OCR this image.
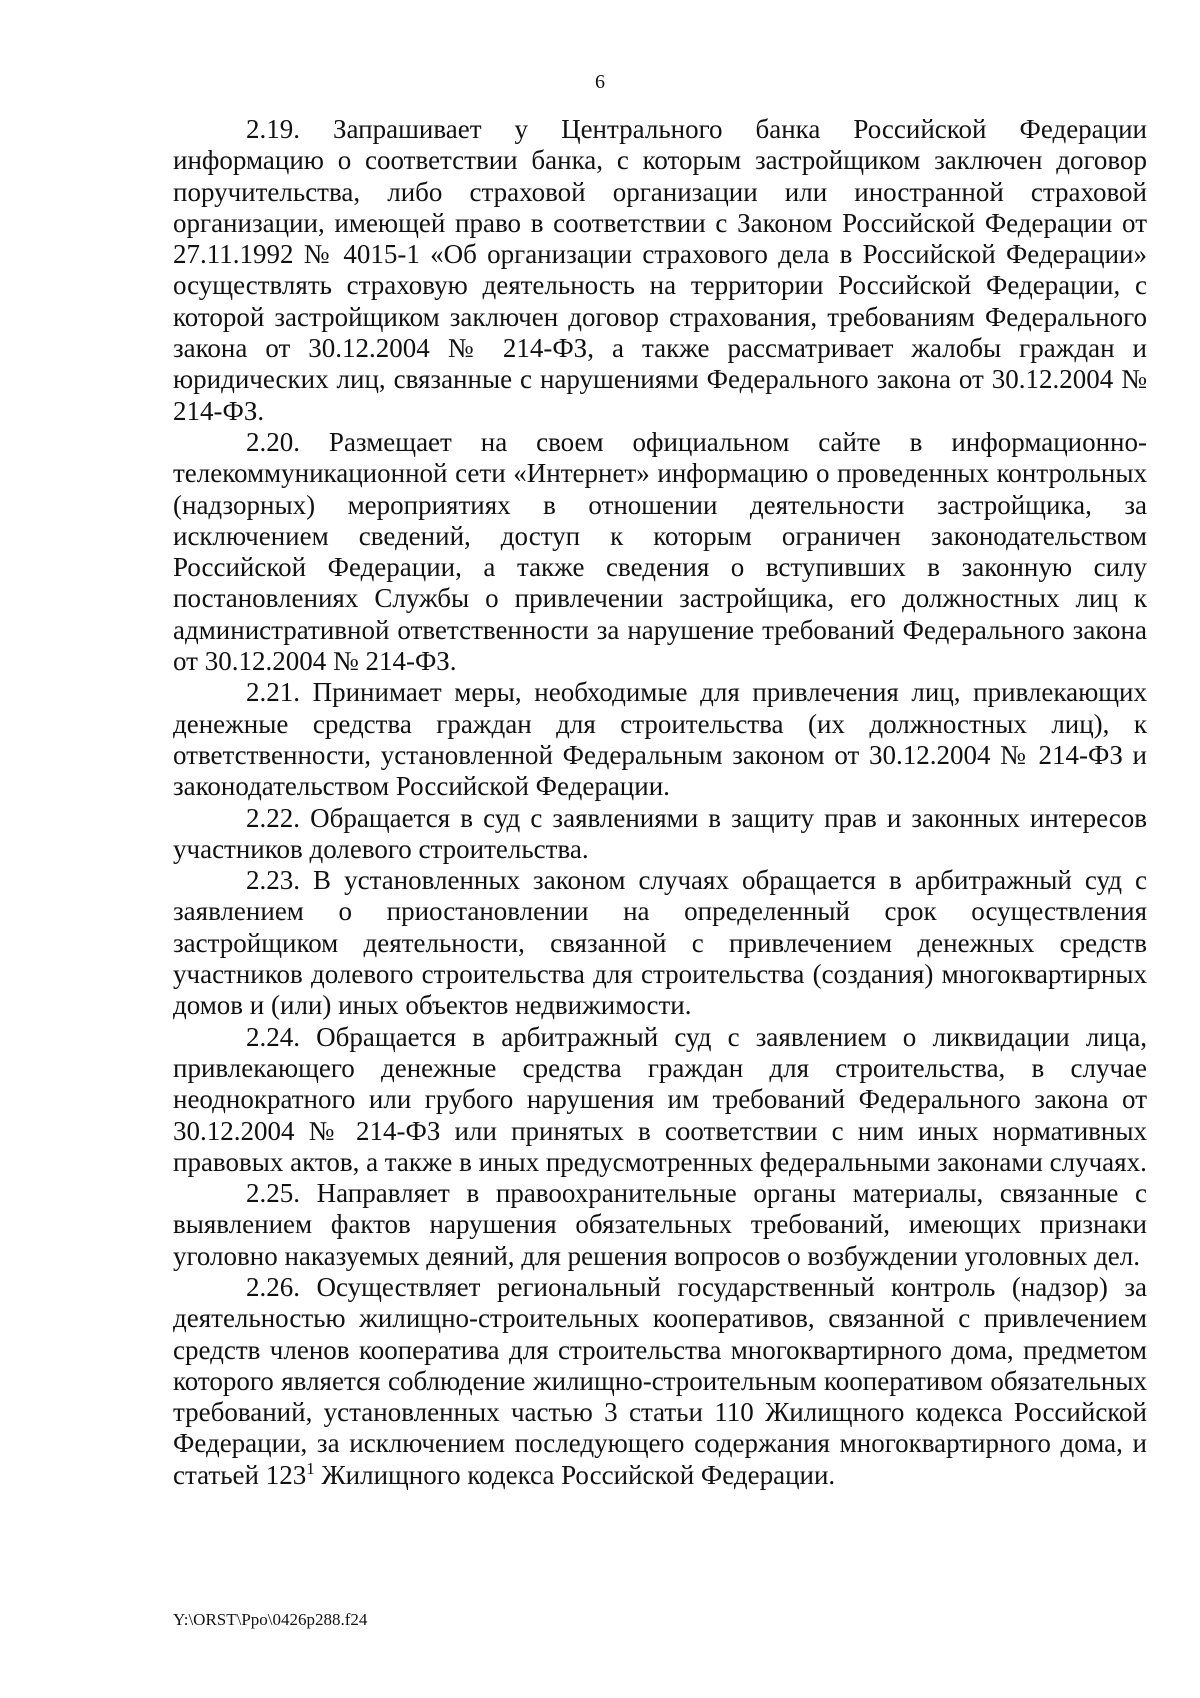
6

2.19. Запрашивает у Центрального банка Российской Федерации информацию о соответствии банка, с которым застройщиком заключен договор поручительства, либо страховой организации или иностранной страховой организации, имеющей право в соответствии с Законом Российской Федерации от 27.11.1992 № 4015-1 «Об организации страхового дела в Российской Федерации» осуществлять страховую деятельность на территории Российской Федерации, с которой застройщиком заключен договор страхования, требованиям Федерального закона от 30.12.2004 № 214-ФЗ, а также рассматривает жалобы граждан и юридических лиц, связанные с нарушениями Федерального закона от 30.12.2004 № 214-ФЗ.

2.20. Размещает на своем официальном сайте в информационно-телекоммуникационной сети «Интернет» информацию о проведенных контрольных (надзорных) мероприятиях в отношении деятельности застройщика, за исключением сведений, доступ к которым ограничен законодательством Российской Федерации, а также сведения о вступивших в законную силу постановлениях Службы о привлечении застройщика, его должностных лиц к административной ответственности за нарушение требований Федерального закона от 30.12.2004 № 214-ФЗ.

2.21. Принимает меры, необходимые для привлечения лиц, привлекающих денежные средства граждан для строительства (их должностных лиц), к ответственности, установленной Федеральным законом от 30.12.2004 № 214-ФЗ и законодательством Российской Федерации.

2.22. Обращается в суд с заявлениями в защиту прав и законных интересов участников долевого строительства.

2.23. В установленных законом случаях обращается в арбитражный суд с заявлением о приостановлении на определенный срок осуществления застройщиком деятельности, связанной с привлечением денежных средств участников долевого строительства для строительства (создания) многоквартирных домов и (или) иных объектов недвижимости.

2.24. Обращается в арбитражный суд с заявлением о ликвидации лица, привлекающего денежные средства граждан для строительства, в случае неоднократного или грубого нарушения им требований Федерального закона от 30.12.2004 № 214-ФЗ или принятых в соответствии с ним иных нормативных правовых актов, а также в иных предусмотренных федеральными законами случаях.

2.25. Направляет в правоохранительные органы материалы, связанные с выявлением фактов нарушения обязательных требований, имеющих признаки уголовно наказуемых деяний, для решения вопросов о возбуждении уголовных дел.

2.26. Осуществляет региональный государственный контроль (надзор) за деятельностью жилищно-строительных кооперативов, связанной с привлечением средств членов кооператива для строительства многоквартирного дома, предметом которого является соблюдение жилищно-строительным кооперативом обязательных требований, установленных частью 3 статьи 110 Жилищного кодекса Российской Федерации, за исключением последующего содержания многоквартирного дома, и статьей $123^1$ Жилищного кодекса Российской Федерации.

Y:\ORST\Ppo\0426p288.f24
